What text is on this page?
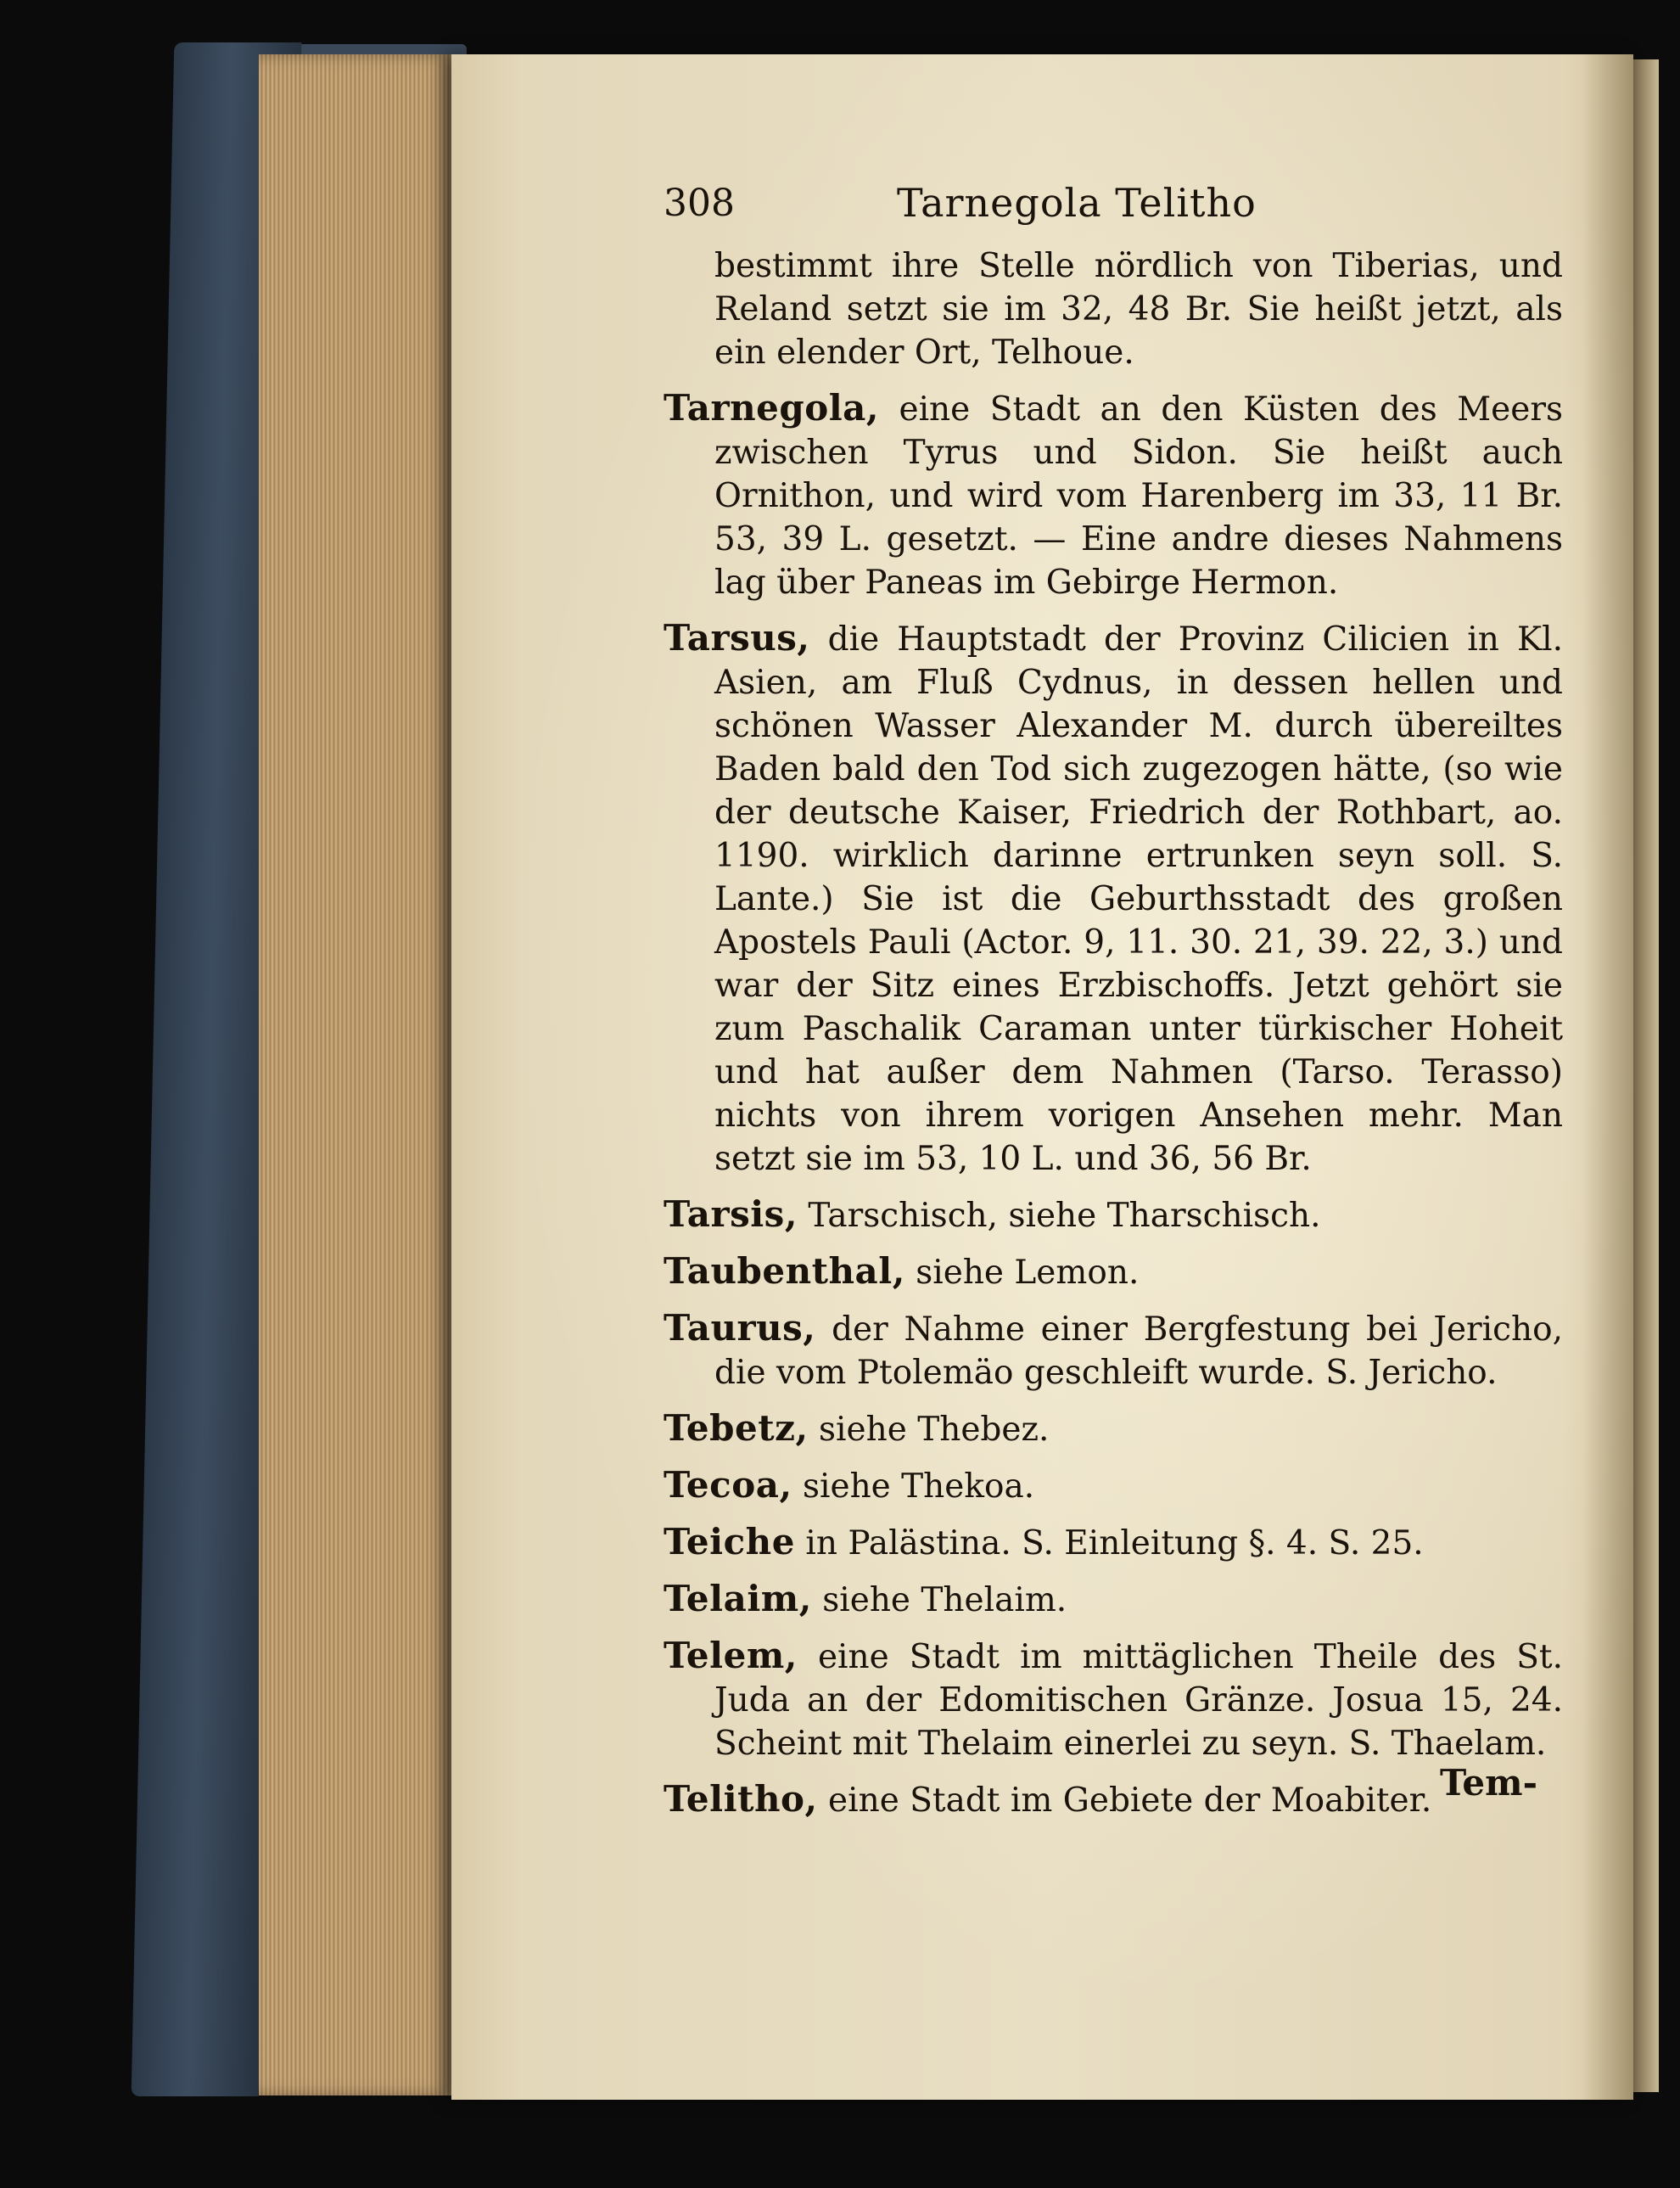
308	Tarnegola Telitho

bestimmt ihre Stelle nördlich von Tiberias, und Reland setzt sie im 32, 48 Br. Sie heißt jetzt, als ein elender Ort, Telhoue.

Tarnegola, eine Stadt an den Küsten des Meers zwischen Tyrus und Sidon. Sie heißt auch Ornithon, und wird vom Harenberg im 33, 11 Br. 53, 39 L. gesetzt. — Eine andre dieses Nahmens lag über Paneas im Gebirge Hermon.

Tarsus, die Hauptstadt der Provinz Cilicien in Kl. Asien, am Fluß Cydnus, in dessen hellen und schönen Wasser Alexander M. durch übereiltes Baden bald den Tod sich zugezogen hätte, (so wie der deutsche Kaiser, Friedrich der Rothbart, ao. 1190. wirklich darinne ertrunken seyn soll. S. Lante.) Sie ist die Geburthsstadt des großen Apostels Pauli (Actor. 9, 11. 30. 21, 39. 22, 3.) und war der Sitz eines Erzbischoffs. Jetzt gehört sie zum Paschalik Caraman unter türkischer Hoheit und hat außer dem Nahmen (Tarso. Terasso) nichts von ihrem vorigen Ansehen mehr. Man setzt sie im 53, 10 L. und 36, 56 Br.

Tarsis, Tarschisch, siehe Tharschisch.

Taubenthal, siehe Lemon.

Taurus, der Nahme einer Bergfestung bei Jericho, die vom Ptolemäo geschleift wurde. S. Jericho.

Tebetz, siehe Thebez.

Tecoa, siehe Thekoa.

Teiche in Palästina. S. Einleitung §. 4. S. 25.

Telaim, siehe Thelaim.

Telem, eine Stadt im mittäglichen Theile des St. Juda an der Edomitischen Gränze. Josua 15, 24. Scheint mit Thelaim einerlei zu seyn. S. Thaelam.

Telitho, eine Stadt im Gebiete der Moabiter. Tem-
